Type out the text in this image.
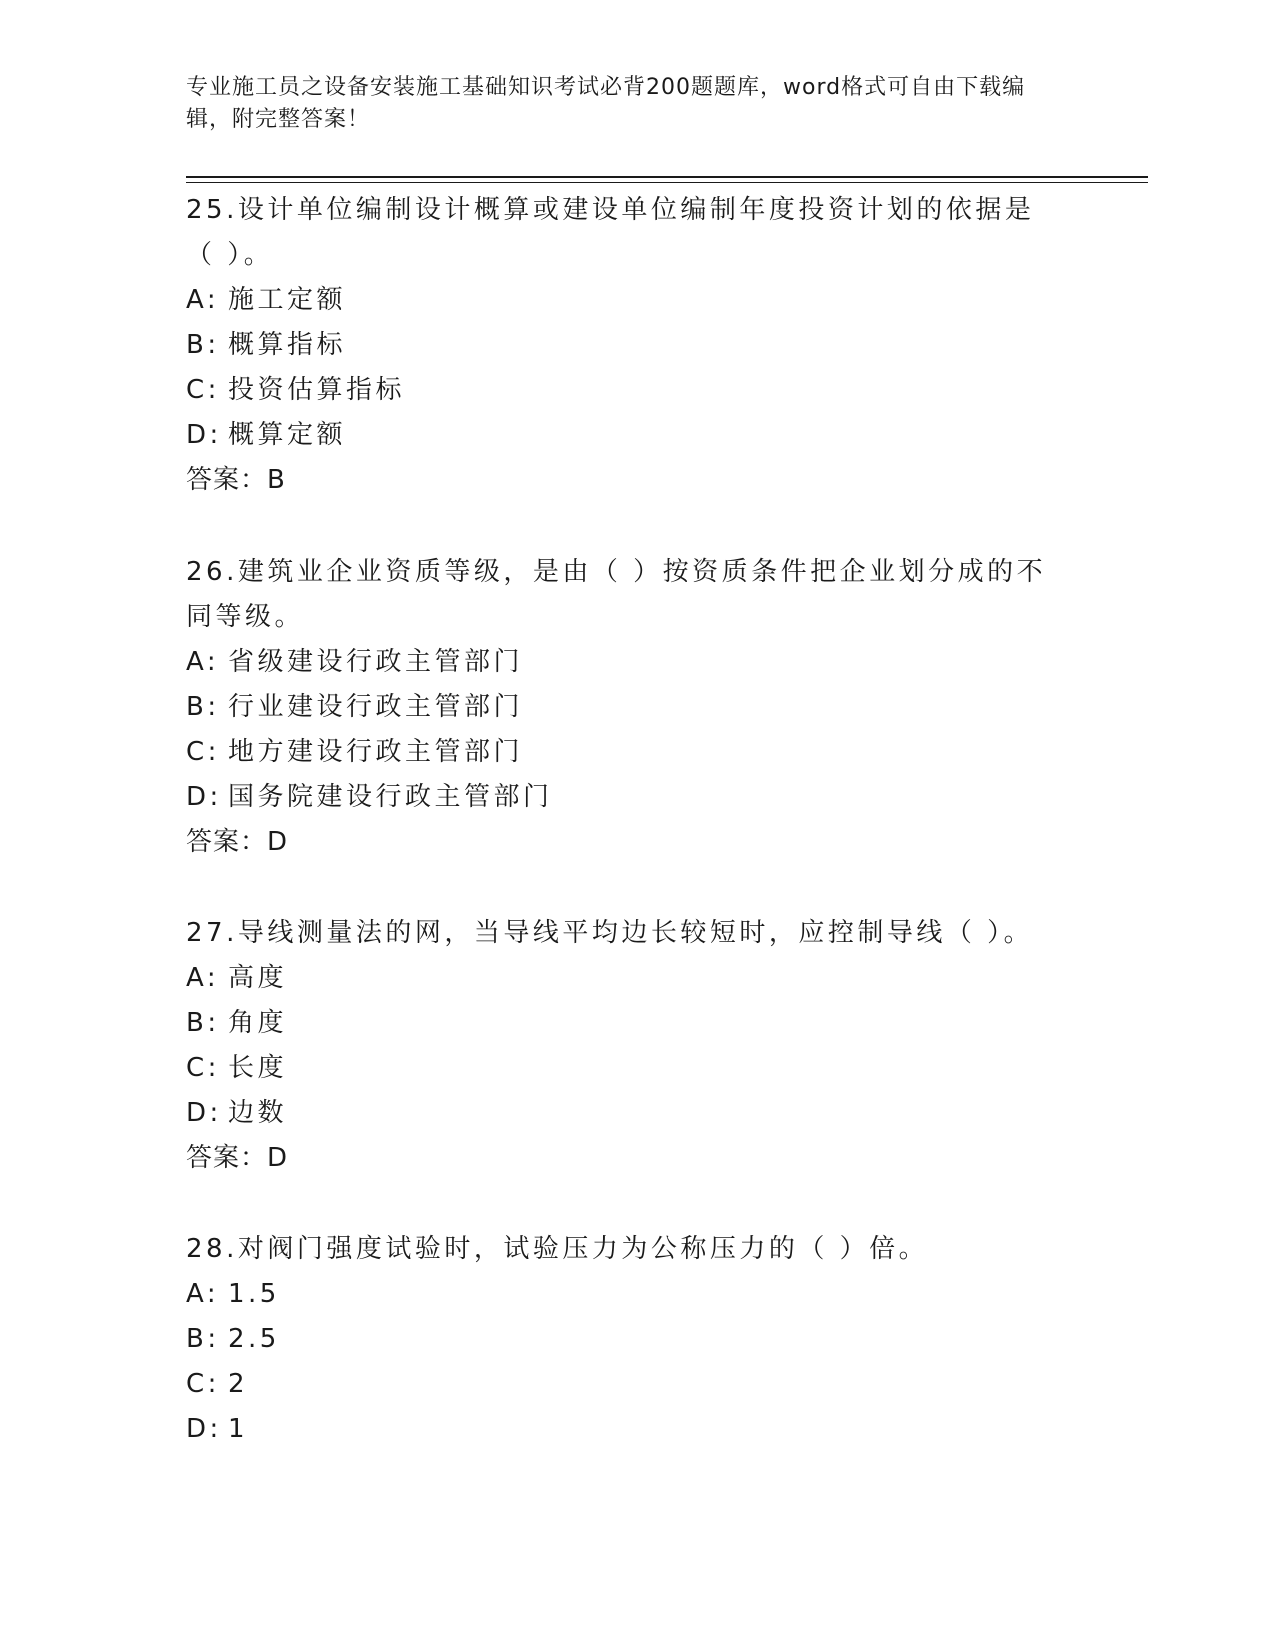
专业施工员之设备安装施工基础知识考试必背200题题库，word格式可自由下载编辑，附完整答案！

25.设计单位编制设计概算或建设单位编制年度投资计划的依据是（ ）。

A: 施工定额

B: 概算指标

C: 投资估算指标

D: 概算定额

答案：B

26.建筑业企业资质等级，是由（ ）按资质条件把企业划分成的不同等级。

A: 省级建设行政主管部门

B: 行业建设行政主管部门

C: 地方建设行政主管部门

D: 国务院建设行政主管部门

答案：D

27.导线测量法的网，当导线平均边长较短时，应控制导线（ ）。

A: 高度

B: 角度

C: 长度

D: 边数

答案：D

28.对阀门强度试验时，试验压力为公称压力的（ ）倍。

A: 1.5

B: 2.5

C: 2

D: 1
